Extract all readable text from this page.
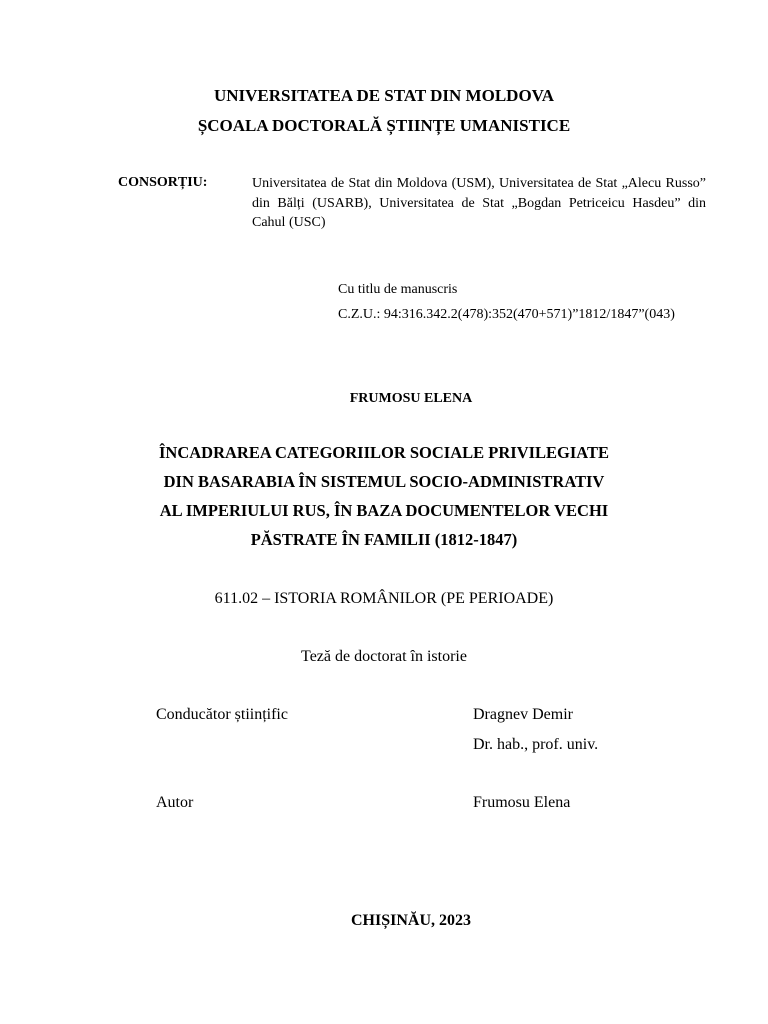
UNIVERSITATEA DE STAT DIN MOLDOVA
ȘCOALA DOCTORALĂ ȘTIINȚE UMANISTICE
CONSORȚIU:	Universitatea de Stat din Moldova (USM), Universitatea de Stat „Alecu Russo” din Bălți (USARB), Universitatea de Stat „Bogdan Petriceicu Hasdeu” din Cahul (USC)
Cu titlu de manuscris
C.Z.U.: 94:316.342.2(478):352(470+571)”1812/1847”(043)
FRUMOSU ELENA
ÎNCADRAREA CATEGORIILOR SOCIALE PRIVILEGIATE
DIN BASARABIA ÎN SISTEMUL SOCIO-ADMINISTRATIV
AL IMPERIULUI RUS, ÎN BAZA DOCUMENTELOR VECHI
PĂSTRATE ÎN FAMILII (1812-1847)
611.02 – ISTORIA ROMÂNILOR (PE PERIOADE)
Teză de doctorat în istorie
Conducător științific	Dragnev Demir
Dr. hab., prof. univ.
Autor	Frumosu Elena
CHIȘINĂU, 2023
